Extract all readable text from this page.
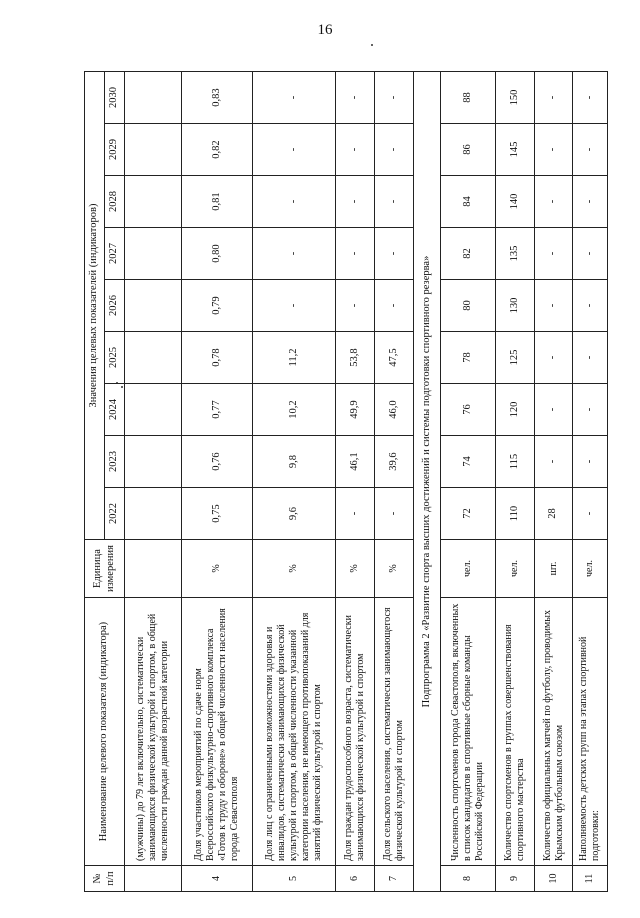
16
№ п/п	Наименование целевого показателя (индикатора)	Единица измерения	Значения целевых показателей (индикаторов)								
			2022	2023	2024	2025	2026	2027	2028	2029	2030
	(мужчины) до 79 лет включительно, систематически занимающихся физической культурой и спортом, в общей численности граждан данной возрастной категории										
4	Доля участников мероприятий по сдаче норм Всероссийского физкультурно-спортивного комплекса «Готов к труду и обороне» в общей численности населения города Севастополя	%	0,75	0,76	0,77	0,78	0,79	0,80	0,81	0,82	0,83
5	Доля лиц с ограниченными возможностями здоровья и инвалидов, систематически занимающихся физической культурой и спортом, в общей численности указанной категории населения, не имеющего противопоказаний для занятий физической культурой и спортом	%	9,6	9,8	10,2	11,2	-	-	-	-	-
6	Доля граждан трудоспособного возраста, систематически занимающихся физической культурой и спортом	%	-	46,1	49,9	53,8	-	-	-	-	-
7	Доля сельского населения, систематически занимающегося физической культурой и спортом	%	-	39,6	46,0	47,5	-	-	-	-	-
Подпрограмма 2 «Развитие спорта высших достижений и системы подготовки спортивного резерва»											
8	Численность спортсменов города Севастополя, включенных в список кандидатов в спортивные сборные команды Российской Федерации	чел.	72	74	76	78	80	82	84	86	88
9	Количество спортсменов в группах совершенствования спортивного мастерства	чел.	110	115	120	125	130	135	140	145	150
10	Количество официальных матчей по футболу, проводимых Крымским футбольным союзом	шт.	28	-	-	-	-	-	-	-	-
11	Наполняемость детских групп на этапах спортивной подготовки:	чел.	-	-	-	-	-	-	-	-	-
